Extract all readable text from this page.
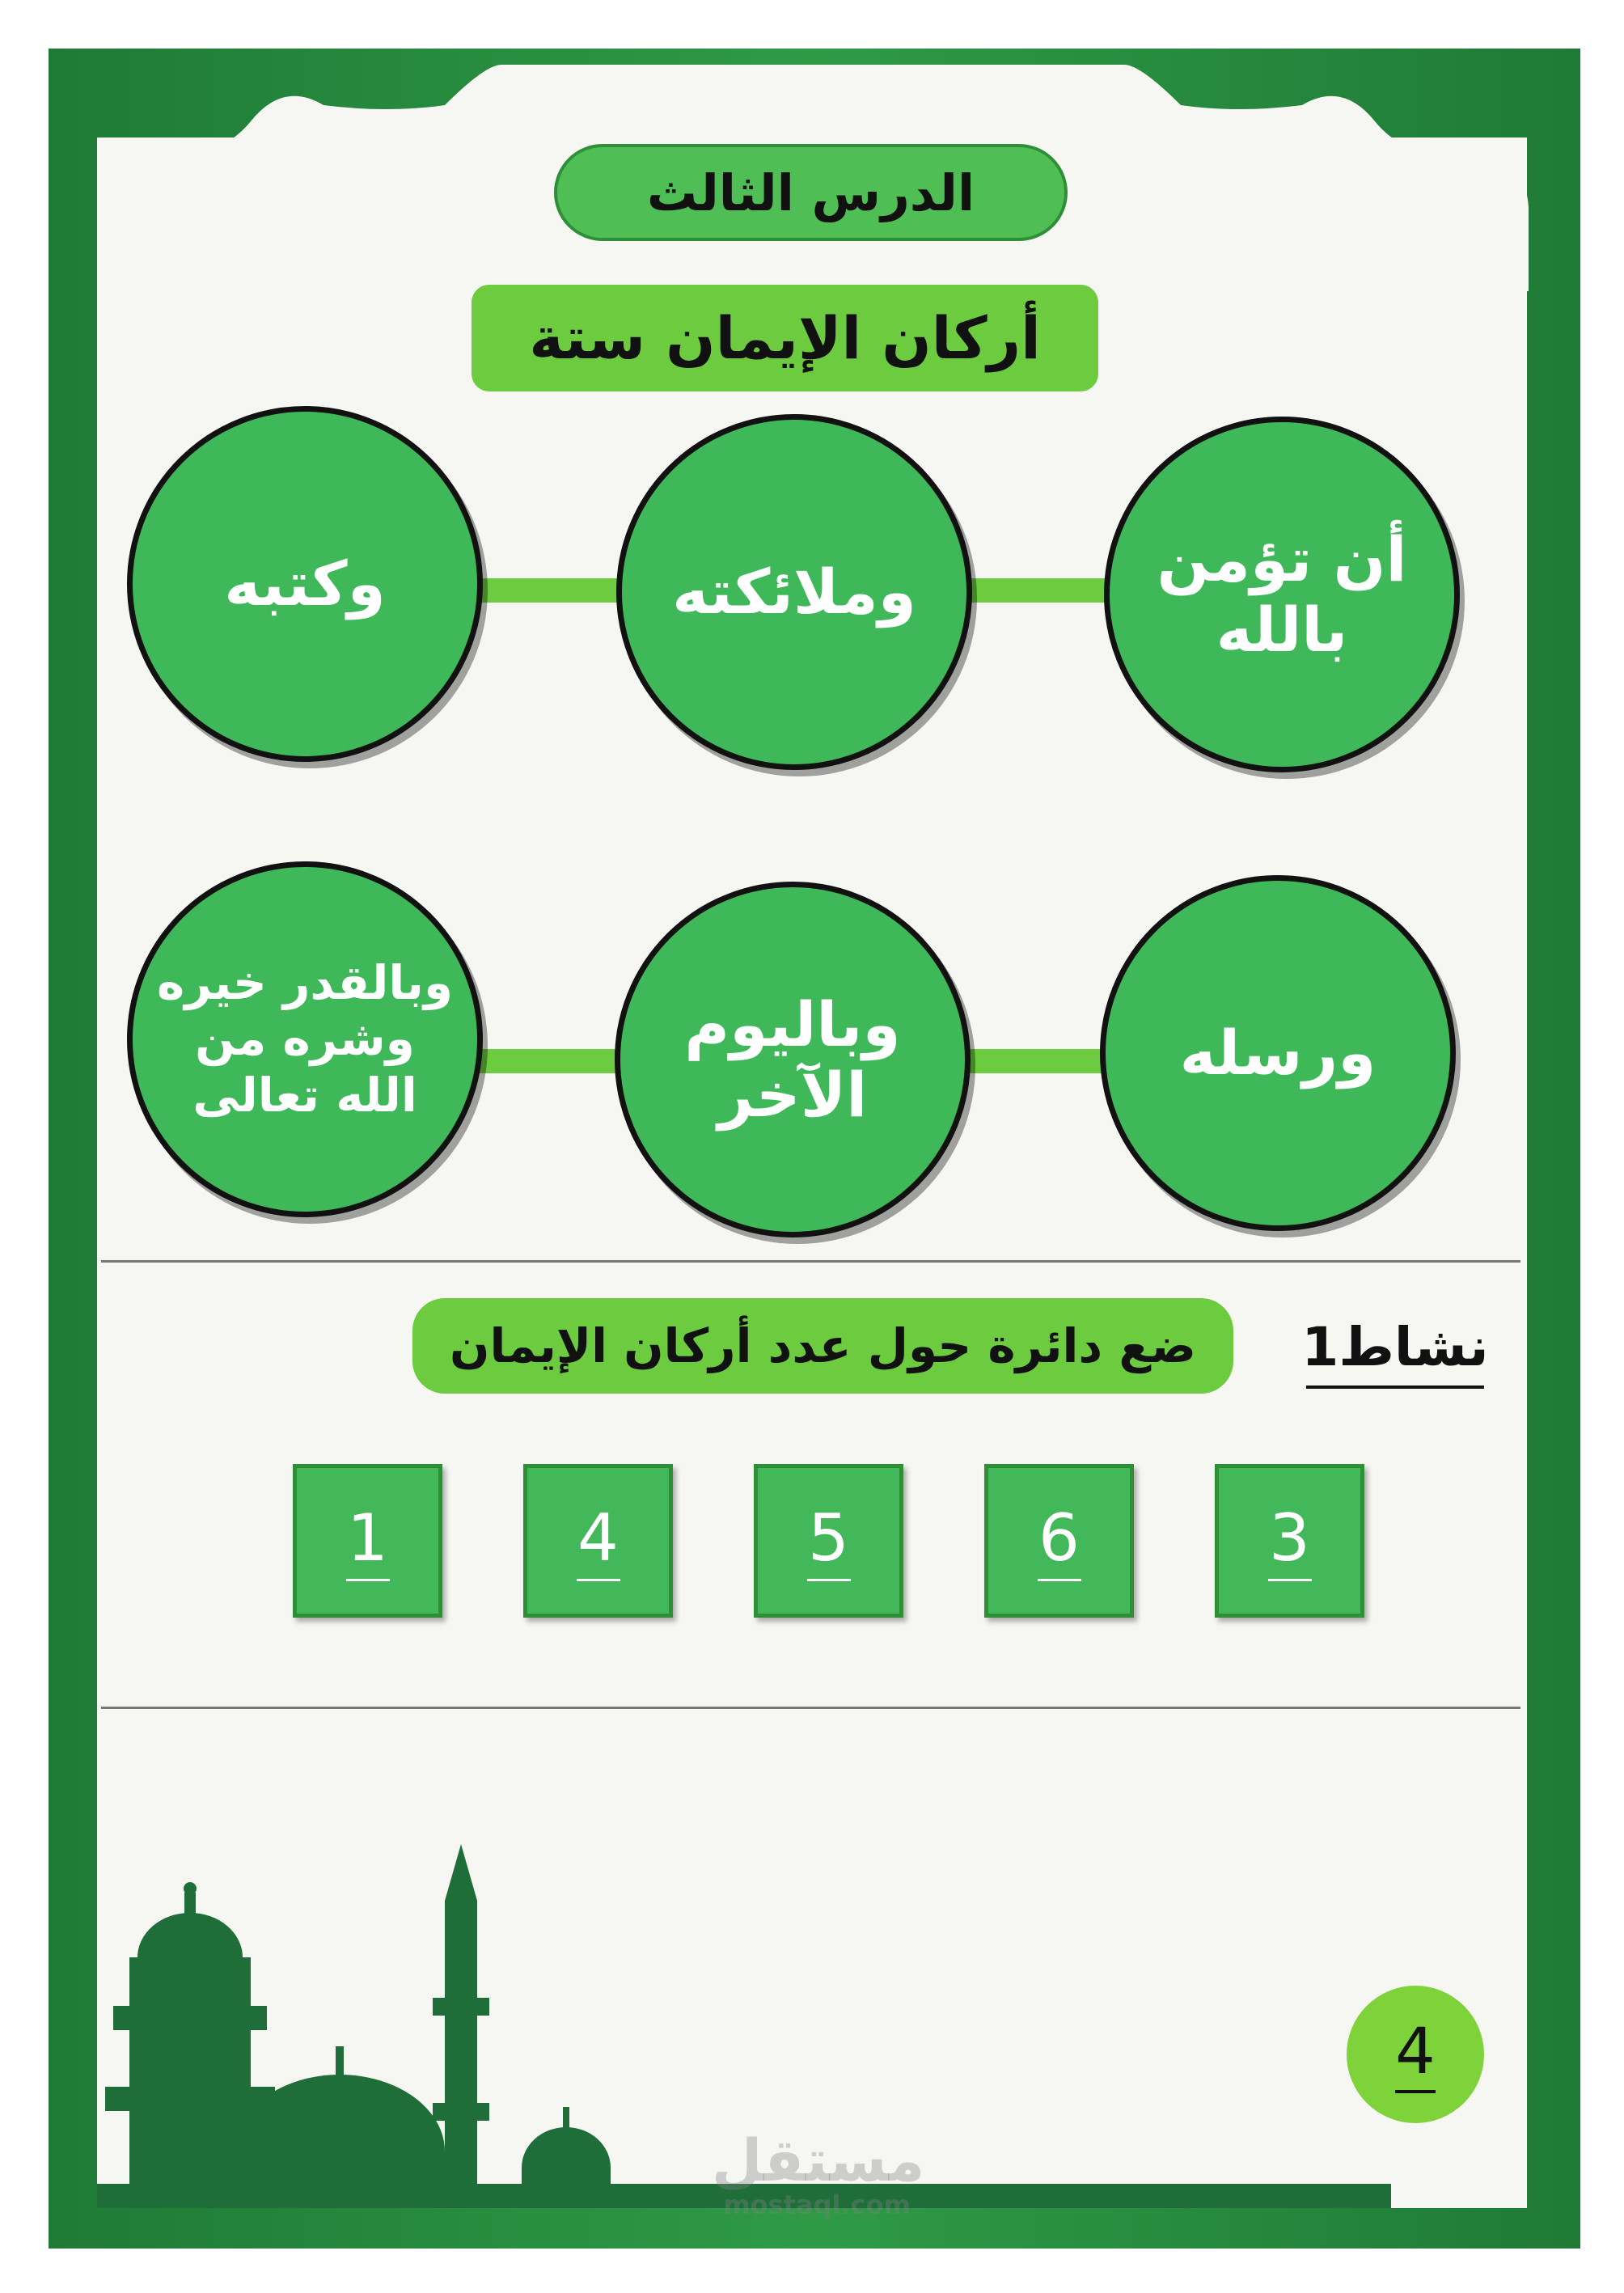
الدرس الثالث
أركان الإيمان ستة
أن تؤمن بالله
وملائكته
وكتبه
ورسله
وباليوم الآخر
وبالقدر خيره وشره من الله تعالى
نشاط1
ضع دائرة حول عدد أركان الإيمان
3
6
5
4
1
4
مستقل
mostaql.com
